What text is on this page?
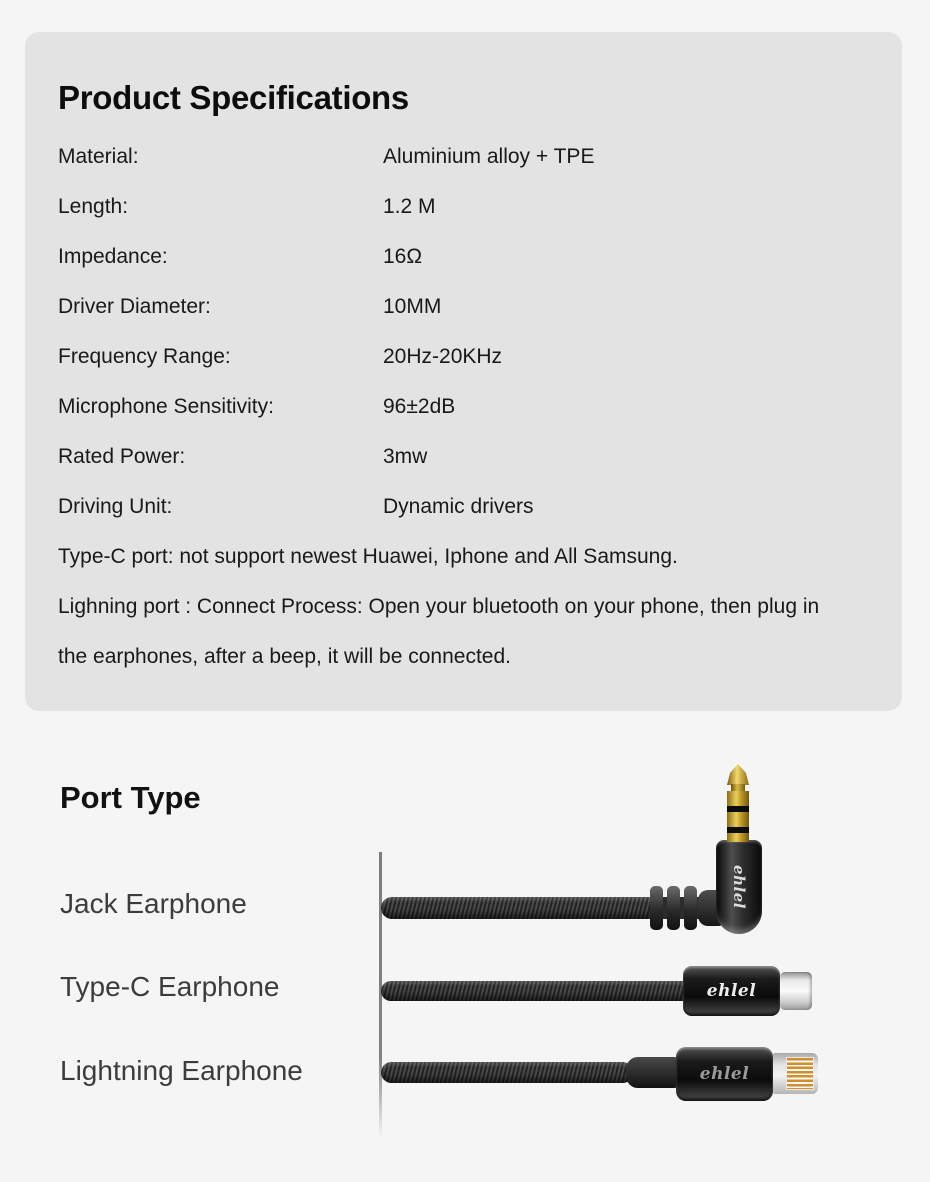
Product Specifications
Material:	Aluminium alloy + TPE
Length:	1.2 M
Impedance:	16Ω
Driver Diameter:	10MM
Frequency Range:	20Hz-20KHz
Microphone Sensitivity:	96±2dB
Rated Power:	3mw
Driving Unit:	Dynamic drivers
Type-C port: not support newest Huawei, Iphone and All Samsung.
Lighning port : Connect Process: Open your bluetooth on your phone, then plug in the earphones, after a beep, it will be connected.
Port Type
Jack Earphone
Type-C Earphone
Lightning Earphone
ehlel
ehlel
ehlel
